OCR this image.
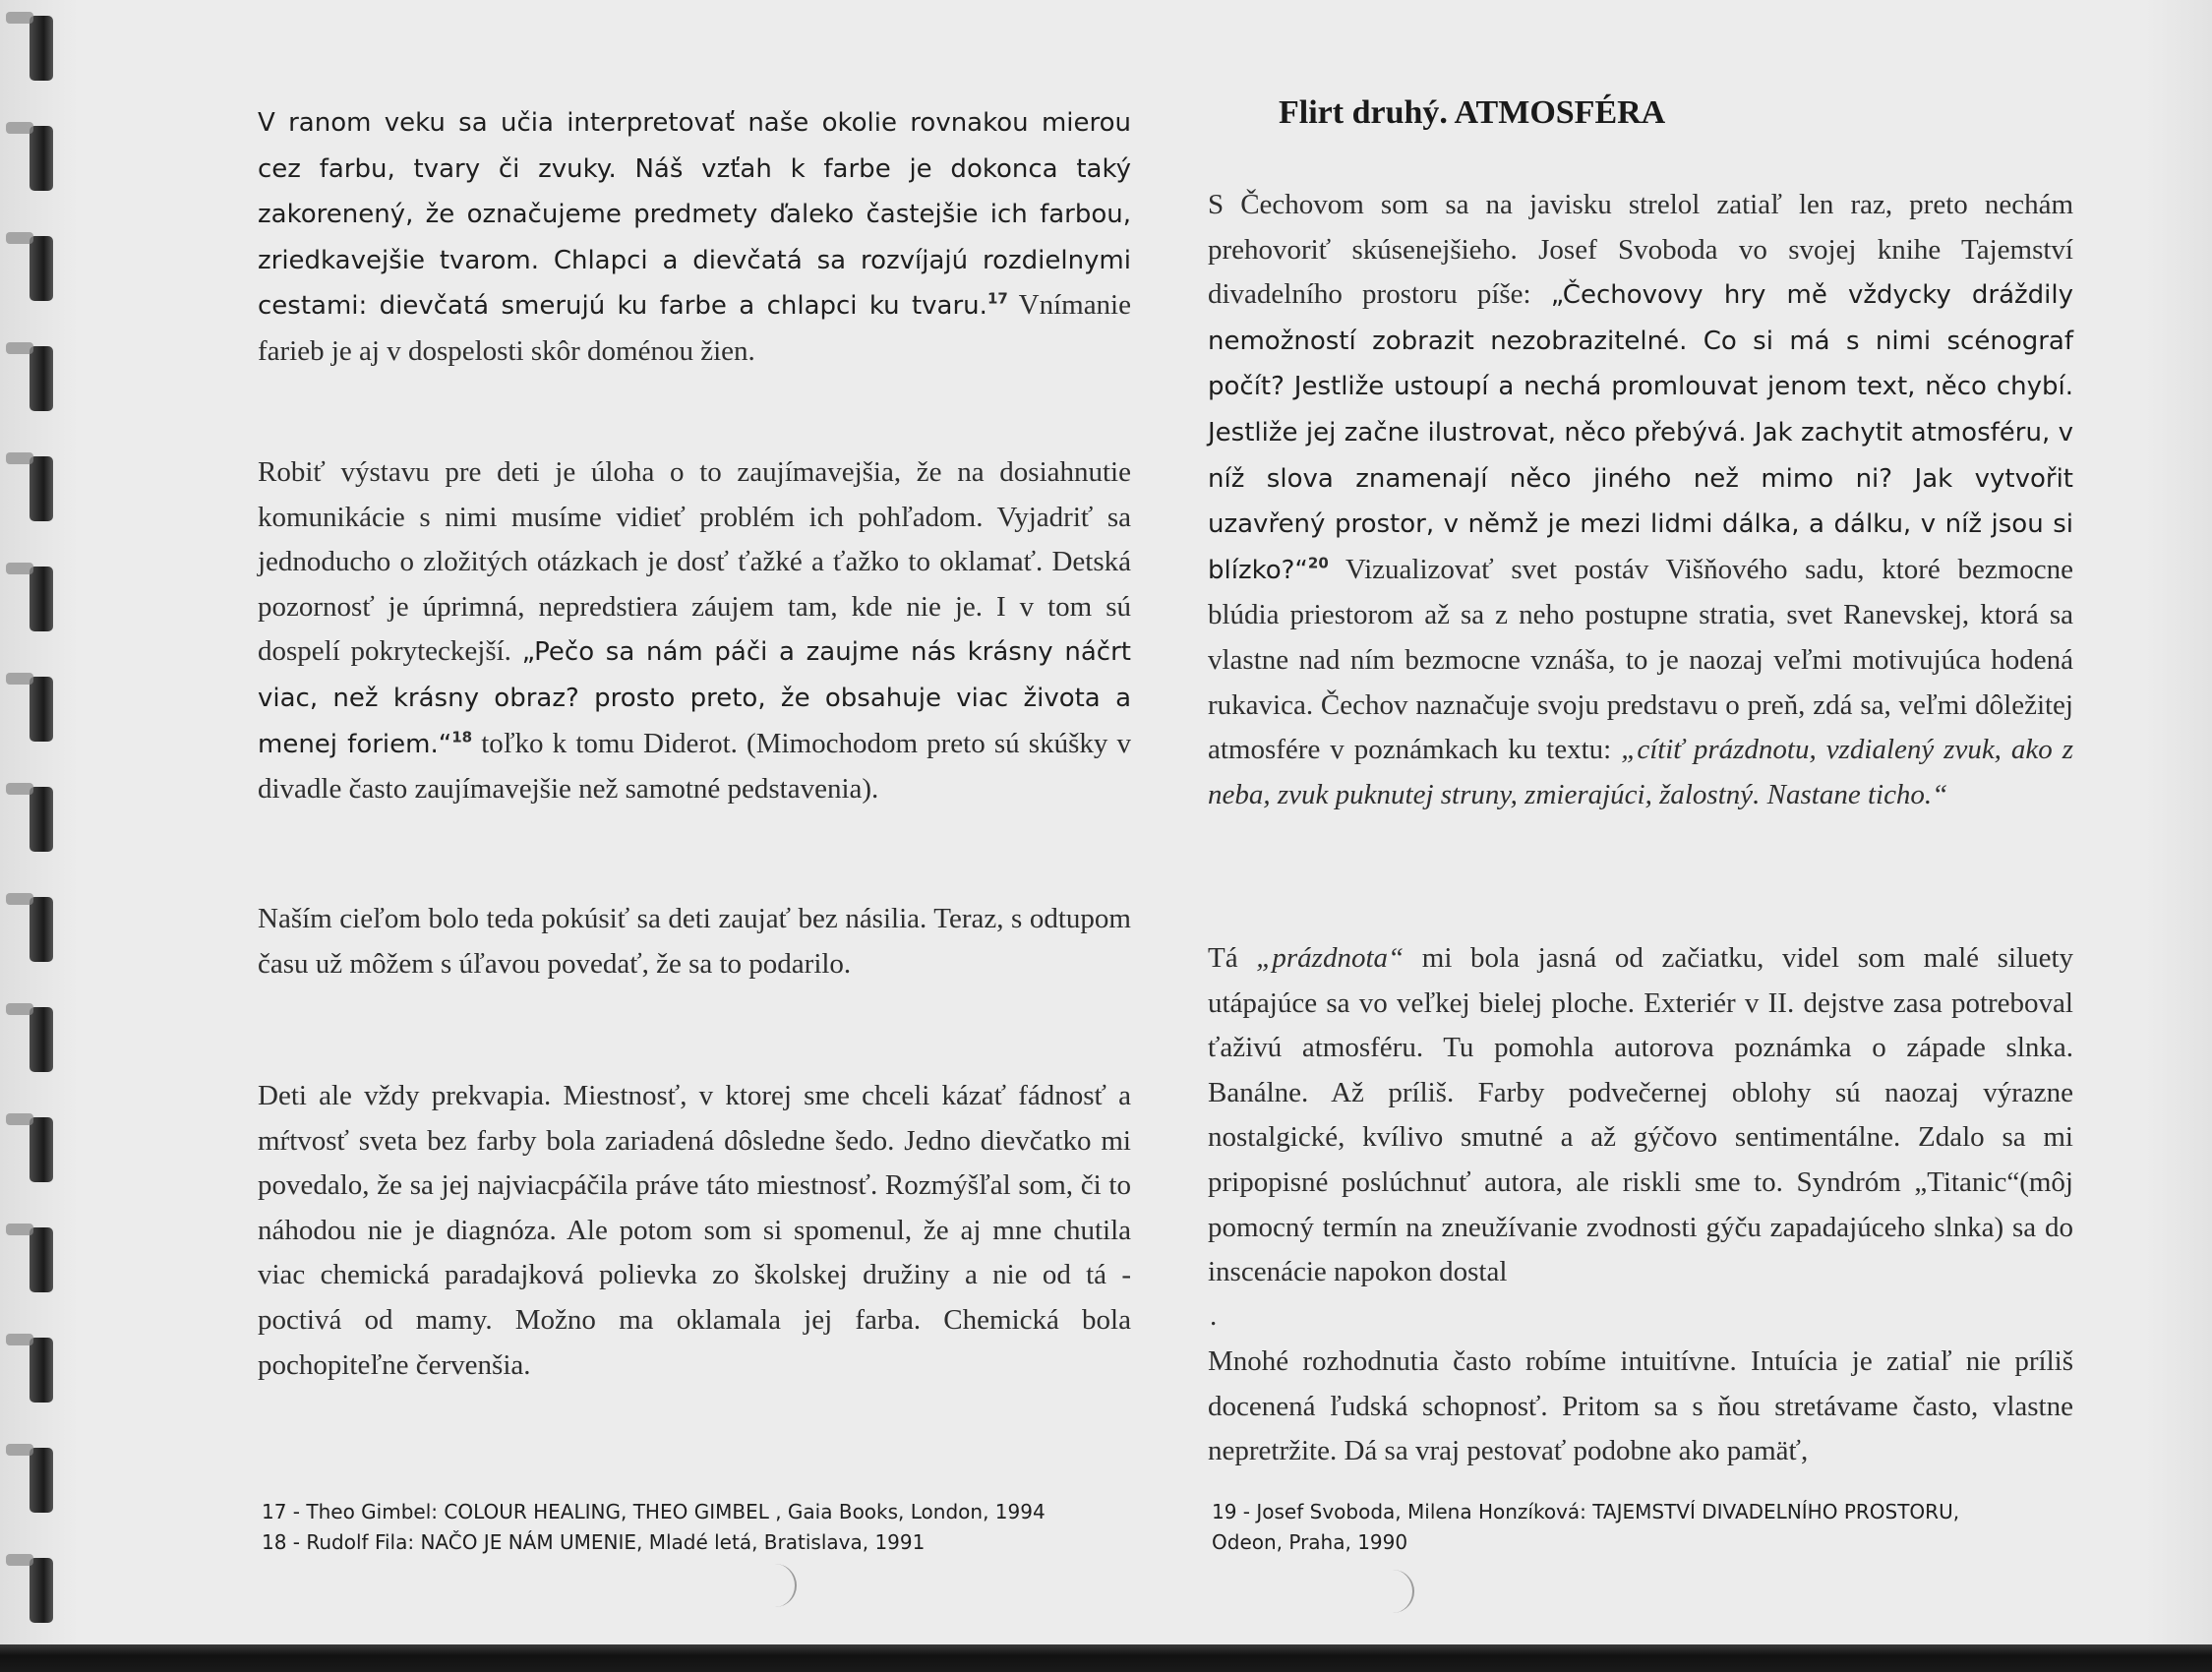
V ranom veku sa učia interpretovať naše okolie rovnakou mierou cez farbu, tvary či zvuky. Náš vzťah k farbe je dokonca taký zakorenený, že označujeme predmety ďaleko častejšie ich farbou, zriedkavejšie tvarom. Chlapci a dievčatá sa rozvíjajú rozdielnymi cestami: dievčatá smerujú ku farbe a chlapci ku tvaru.$^{17}$ Vnímanie farieb je aj v dospelosti skôr doménou žien.

Robiť výstavu pre deti je úloha o to zaujímavejšia, že na dosiahnutie komunikácie s nimi musíme vidieť problém ich pohľadom. Vyjadriť sa jednoducho o zložitých otázkach je dosť ťažké a ťažko to oklamať. Detská pozornosť je úprimná, nepredstiera záujem tam, kde nie je. I v tom sú dospelí pokryteckejší. „Pečo sa nám páči a zaujme nás krásny náčrt viac, než krásny obraz? prosto preto, že obsahuje viac života a menej foriem.“$^{18}$ toľko k tomu Diderot. (Mimochodom preto sú skúšky v divadle často zaujímavejšie než samotné pedstavenia).

Naším cieľom bolo teda pokúsiť sa deti zaujať bez násilia. Teraz, s odtupom času už môžem s úľavou povedať, že sa to podarilo.

Deti ale vždy prekvapia. Miestnosť, v ktorej sme chceli kázať fádnosť a mŕtvosť sveta bez farby bola zariadená dôsledne šedo. Jedno dievčatko mi povedalo, že sa jej najviacpáčila práve táto miestnosť. Rozmýšľal som, či to náhodou nie je diagnóza. Ale potom som si spomenul, že aj mne chutila viac chemická paradajková polievka zo školskej družiny a nie od tá - poctivá od mamy. Možno ma oklamala jej farba. Chemická bola pochopiteľne červenšia.

17 - Theo Gimbel: COLOUR HEALING, THEO GIMBEL , Gaia Books, London, 1994
18 - Rudolf Fila: NAČO JE NÁM UMENIE, Mladé letá, Bratislava, 1991
Flirt druhý. ATMOSFÉRA

S Čechovom som sa na javisku strelol zatiaľ len raz, preto nechám prehovoriť skúsenejšieho. Josef Svoboda vo svojej knihe Tajemství divadelního prostoru píše: „Čechovovy hry mě vždycky dráždily nemožností zobrazit nezobrazitelné. Co si má s nimi scénograf počít? Jestliže ustoupí a nechá promlouvat jenom text, něco chybí. Jestliže jej začne ilustrovat, něco přebývá. Jak zachytit atmosféru, v níž slova znamenají něco jiného než mimo ni? Jak vytvořit uzavřený prostor, v němž je mezi lidmi dálka, a dálku, v níž jsou si blízko?“$^{20}$ Vizualizovať svet postáv Višňového sadu, ktoré bezmocne blúdia priestorom až sa z neho postupne stratia, svet Ranevskej, ktorá sa vlastne nad ním bezmocne vznáša, to je naozaj veľmi motivujúca hodená rukavica. Čechov naznačuje svoju predstavu o preň, zdá sa, veľmi dôležitej atmosfére v poznámkach ku textu: „cítiť prázdnotu, vzdialený zvuk, ako z neba, zvuk puknutej struny, zmierajúci, žalostný. Nastane ticho.“

Tá „prázdnota“ mi bola jasná od začiatku, videl som malé siluety utápajúce sa vo veľkej bielej ploche. Exteriér v II. dejstve zasa potreboval ťaživú atmosféru. Tu pomohla autorova poznámka o západe slnka. Banálne. Až príliš. Farby podvečernej oblohy sú naozaj výrazne nostalgické, kvílivo smutné a až gýčovo sentimentálne. Zdalo sa mi pripopisné poslúchnuť autora, ale riskli sme to. Syndróm „Titanic“(môj pomocný termín na zneužívanie zvodnosti gýču zapadajúceho slnka) sa do inscenácie napokon dostal

Mnohé rozhodnutia často robíme intuitívne. Intuícia je zatiaľ nie príliš docenená ľudská schopnosť. Pritom sa s ňou stretávame často, vlastne nepretržite. Dá sa vraj pestovať podobne ako pamäť,

19 - Josef Svoboda, Milena Honzíková: TAJEMSTVÍ DIVADELNÍHO PROSTORU,
Odeon, Praha, 1990
.
